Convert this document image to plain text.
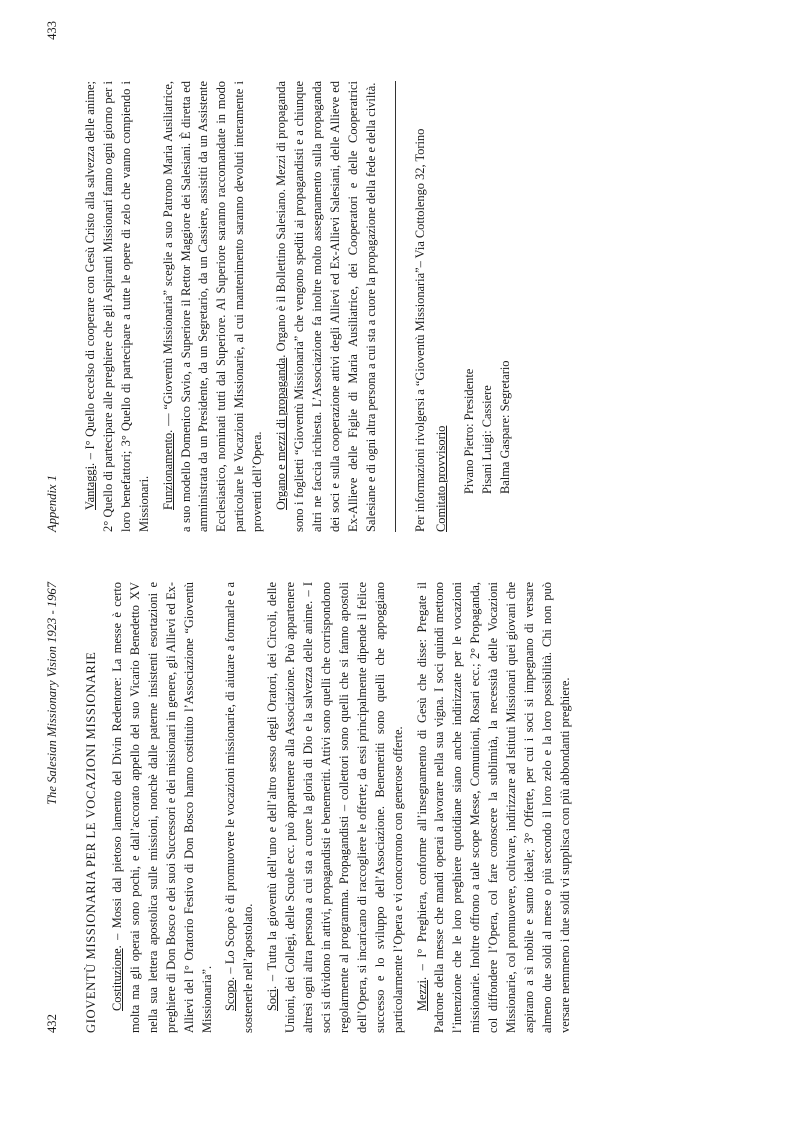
432
The Salesian Missionary Vision 1923 - 1967 GIOVENTÙ MISSIONARIA PER LE VOCAZIONI MISSIONARIE Costituzione. – Mossi dal pietoso lamento del Divin Redentore: La messe è certo molta ma gli operai sono pochi, e dall’accorato appello del suo Vicario Benedetto XV nella sua lettera apostolica sulle missioni, nonchè dalle paterne insistenti esortazioni e preghiere di Don Bosco e dei suoi Successori e dei missionari in genere, gli Allievi ed Ex-Allievi del I° Oratorio Festivo di Don Bosco hanno costituito l’Associazione “Gioventù Missionaria”. Scopo. – Lo Scopo è di promuovere le vocazioni missionarie, di aiutare a formarle e a sostenerle nell’apostolato. Soci. – Tutta la gioventù dell’uno e dell’altro sesso degli Oratori, dei Circoli, delle Unioni, dei Collegi, delle Scuole ecc. può appartenere alla Associazione. Può appartenere altresì ogni altra persona a cui sta a cuore la gloria di Dio e la salvezza delle anime. – I soci si dividono in attivi, propagandisti e benemeriti. Attivi sono quelli che corrispondono regolarmente al programma. Propagandisti – collettori sono quelli che si fanno apostoli dell’Opera, si incaricano di raccogliere le offerte; da essi principalmente dipende il felice successo e lo sviluppo dell’Associazione. Benemeriti sono quelli che appoggiano particolarmente l’Opera e vi concorrono con generose offerte. Mezzi. – I° Preghiera, conforme all’insegnamento di Gesù che disse: Pregate il Padrone della messe che mandi operai a lavorare nella sua vigna. I soci quindi mettono l’intenzione che le loro preghiere quotidiane siano anche indirizzate per le vocazioni missionarie. Inoltre offrono a tale scope Messe, Comunioni, Rosari ecc.; 2° Propaganda, col diffondere l’Opera, col fare conoscere la sublimità, la necessità delle Vocazioni Missionarie, col promuovere, coltivare, indirizzare ad Istituti Missionari quei giovani che aspirano a sì nobile e santo ideale; 3° Offerte, per cui i soci si impegnano di versare almeno due soldi al mese o più secondo il loro zelo e la loro possibilità. Chi non può versare nemmeno i due soldi vi supplisca con più abbondanti preghiere.

Appendix 1
433

Vantaggi. – I° Quello eccelso di cooperare con Gesù Cristo alla salvezza delle anime; 2° Quello di partecipare alle preghiere che gli Aspiranti Missionari fanno ogni giorno per i loro benefattori; 3° Quello di partecipare a tutte le opere di zelo che vanno compiendo i Missionari. Funzionamento. — “Gioventù Missionaria” sceglie a suo Patrono Maria Ausiliatrice, a suo modello Domenico Savio, a Superiore il Rettor Maggiore dei Salesiani. È diretta ed amministrata da un Presidente, da un Segretario, da un Cassiere, assistiti da un Assistente Ecclesiastico, nominati tutti dal Superiore. Al Superiore saranno raccomandate in modo particolare le Vocazioni Missionarie, al cui mantenimento saranno devoluti interamente i proventi dell’Opera. Organo e mezzi di propaganda. Organo è il Bollettino Salesiano. Mezzi di propaganda sono i foglietti “Gioventù Missionaria” che vengono spediti ai propagandisti e a chiunque altri ne faccia richiesta. L’Associazione fa inoltre molto assegnamento sulla propaganda dei soci e sulla cooperazione attivi degli Allievi ed Ex-Allievi Salesiani, delle Allieve ed Ex-Allieve delle Figlie di Maria Ausiliatrice, dei Cooperatori e delle Cooperatrici Salesiane e di ogni altra persona a cui sta a cuore la propagazione della fede e della civiltà.	Per informazioni rivolgersi a “Gioventù Missionaria”– Via Cottolengo 32, Torino Comitato provvisorio Pivano Pietro: Presidente Pisani Luigi: Cassiere Balma Gaspare: Segretario
